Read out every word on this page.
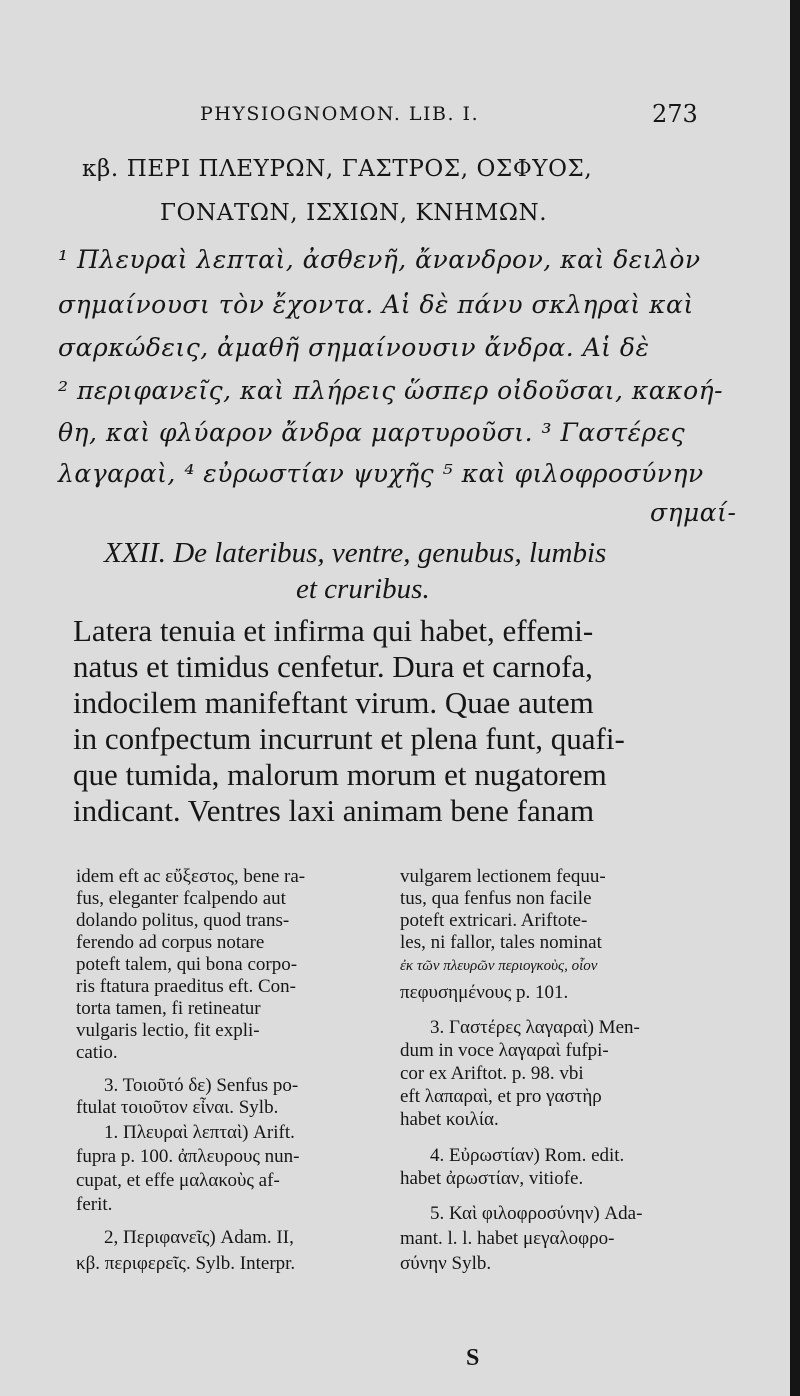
PHYSIOGNOMON. LIB. I.	273
κβ. ΠΕΡΙ ΠΛΕΥΡΩΝ, ΓΑΣΤΡΟΣ, ΟΣΦΥΟΣ,
ΓΟΝΑΤΩΝ, ΙΣΧΙΩΝ, ΚΝΗΜΩΝ.
¹ Πλευραὶ λεπταὶ, ἀσθενῆ, ἄνανδρον, καὶ δειλὸν
σημαίνουσι τὸν ἔχοντα. Αἱ δὲ πάνυ σκληραὶ καὶ
σαρκώδεις, ἀμαθῆ σημαίνουσιν ἄνδρα. Αἱ δὲ
² περιφανεῖς, καὶ πλήρεις ὥσπερ οἰδοῦσαι, κακοή-
θη, καὶ φλύαρον ἄνδρα μαρτυροῦσι. ³ Γαστέρες
λαγαραὶ, ⁴ εὐρωστίαν ψυχῆς ⁵ καὶ φιλοφροσύνην
σημαί-
XXII. De lateribus, ventre, genubus, lumbis
et cruribus.
Latera tenuia et infirma qui habet, effemi-
natus et timidus cenfetur. Dura et carnofa,
indocilem manifeftant virum. Quae autem
in confpectum incurrunt et plena funt, quafi-
que tumida, malorum morum et nugatorem
indicant. Ventres laxi animam bene fanam
idem eft ac εὔξεστος, bene ra-
fus, eleganter fcalpendo aut
dolando politus, quod trans-
ferendo ad corpus notare
poteft talem, qui bona corpo-
ris ftatura praeditus eft. Con-
torta tamen, fi retineatur
vulgaris lectio, fit expli-
catio.
3. Τοιοῦτό δε) Senfus po-
ftulat τοιοῦτον εἶναι. Sylb.
1. Πλευραὶ λεπταὶ) Arift.
fupra p. 100. ἀπλευρους nun-
cupat, et effe μαλακοὺς af-
ferit.
2, Περιφανεῖς) Adam. II,
κβ. περιφερεῖς. Sylb. Interpr.
vulgarem lectionem fequu-
tus, qua fenfus non facile
poteft extricari. Ariftote-
les, ni fallor, tales nominat
ἐκ τῶν πλευρῶν περιογκοὺς, οἷον
πεφυσημένους p. 101.
3. Γαστέρες λαγαραὶ) Men-
dum in voce λαγαραὶ fufpi-
cor ex Ariftot. p. 98. vbi
eft λαπαραὶ, et pro γαστὴρ
habet κοιλία.
4. Εὐρωστίαν) Rom. edit.
habet ἀρωστίαν, vitiofe.
5. Καὶ φιλοφροσύνην) Ada-
mant. l. l. habet μεγαλοφρο-
σύνην Sylb.
S
